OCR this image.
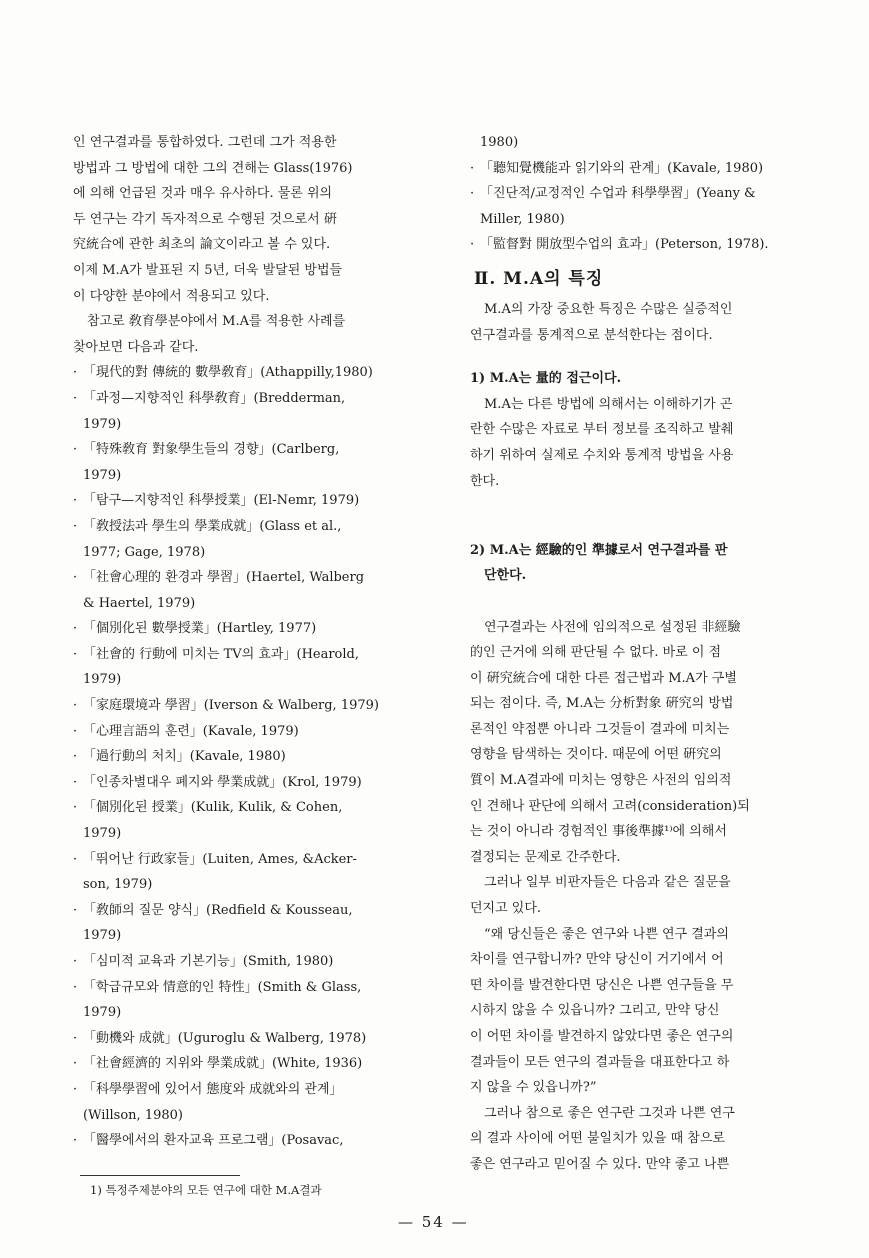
인 연구결과를 통합하였다. 그런데 그가 적용한

방법과 그 방법에 대한 그의 견해는 Glass(1976)

에 의해 언급된 것과 매우 유사하다. 물론 위의

두 연구는 각기 독자적으로 수행된 것으로서 硏

究統合에 관한 최초의 論文이라고 볼 수 있다.

이제 M.A가 발표된 지 5년, 더욱 발달된 방법들

이 다양한 분야에서 적용되고 있다.

참고로 敎育學분야에서 M.A를 적용한 사례를

찾아보면 다음과 같다.

· 「現代的對 傳統的 數學敎育」(Athappilly,1980)
· 「과정—지향적인 科學敎育」(Bredderman,
1979)
· 「特殊敎育 對象學生들의 경향」(Carlberg,
1979)
· 「탐구—지향적인 科學授業」(El-Nemr, 1979)
· 「敎授法과 學生의 學業成就」(Glass et al.,
1977; Gage, 1978)
· 「社會心理的 환경과 學習」(Haertel, Walberg
& Haertel, 1979)
· 「個別化된 數學授業」(Hartley, 1977)
· 「社會的 行動에 미치는 TV의 효과」(Hearold,
1979)
· 「家庭環境과 學習」(Iverson & Walberg, 1979)
· 「心理言語의 훈련」(Kavale, 1979)
· 「過行動의 처치」(Kavale, 1980)
· 「인종차별대우 폐지와 學業成就」(Krol, 1979)
· 「個別化된 授業」(Kulik, Kulik, & Cohen,
1979)
· 「뛰어난 行政家들」(Luiten, Ames, &Acker-
son, 1979)
· 「敎師의 질문 양식」(Redfield & Kousseau,
1979)
· 「심미적 교육과 기본기능」(Smith, 1980)
· 「학급규모와 情意的인 特性」(Smith & Glass,
1979)
· 「動機와 成就」(Uguroglu & Walberg, 1978)
· 「社會經濟的 지위와 學業成就」(White, 1936)
· 「科學學習에 있어서 態度와 成就와의 관계」
(Willson, 1980)
· 「醫學에서의 환자교육 프로그램」(Posavac,

1980)

· 「聽知覺機能과 읽기와의 관계」(Kavale, 1980)
· 「진단적/교정적인 수업과 科學學習」(Yeany &
Miller, 1980)
· 「監督對 開放型수업의 효과」(Peterson, 1978).
Ⅱ. M.A의 특징

M.A의 가장 중요한 특징은 수많은 실증적인

연구결과를 통계적으로 분석한다는 점이다.

1) M.A는 量的 접근이다.

M.A는 다른 방법에 의해서는 이해하기가 곤

란한 수많은 자료로 부터 정보를 조직하고 발췌

하기 위하여 실제로 수치와 통계적 방법을 사용

한다.

2) M.A는 經驗的인 準據로서 연구결과를 판

단한다.

연구결과는 사전에 임의적으로 설정된 非經驗

的인 근거에 의해 판단될 수 없다. 바로 이 점

이 硏究統合에 대한 다른 접근법과 M.A가 구별

되는 점이다. 즉, M.A는 分析對象 硏究의 방법

론적인 약점뿐 아니라 그것들이 결과에 미치는

영향을 탐색하는 것이다. 때문에 어떤 硏究의

質이 M.A결과에 미치는 영향은 사전의 임의적

인 견해나 판단에 의해서 고려(consideration)되

는 것이 아니라 경험적인 事後準據¹⁾에 의해서

결정되는 문제로 간주한다.

그러나 일부 비판자들은 다음과 같은 질문을

던지고 있다.

“왜 당신들은 좋은 연구와 나쁜 연구 결과의

차이를 연구합니까? 만약 당신이 거기에서 어

떤 차이를 발견한다면 당신은 나쁜 연구들을 무

시하지 않을 수 있읍니까? 그리고, 만약 당신

이 어떤 차이를 발견하지 않았다면 좋은 연구의

결과들이 모든 연구의 결과들을 대표한다고 하

지 않을 수 있읍니까?”

그러나 참으로 좋은 연구란 그것과 나쁜 연구

의 결과 사이에 어떤 불일치가 있을 때 참으로

좋은 연구라고 믿어질 수 있다. 만약 좋고 나쁜

1) 특정주제분야의 모든 연구에 대한 M.A결과
— 54 —
